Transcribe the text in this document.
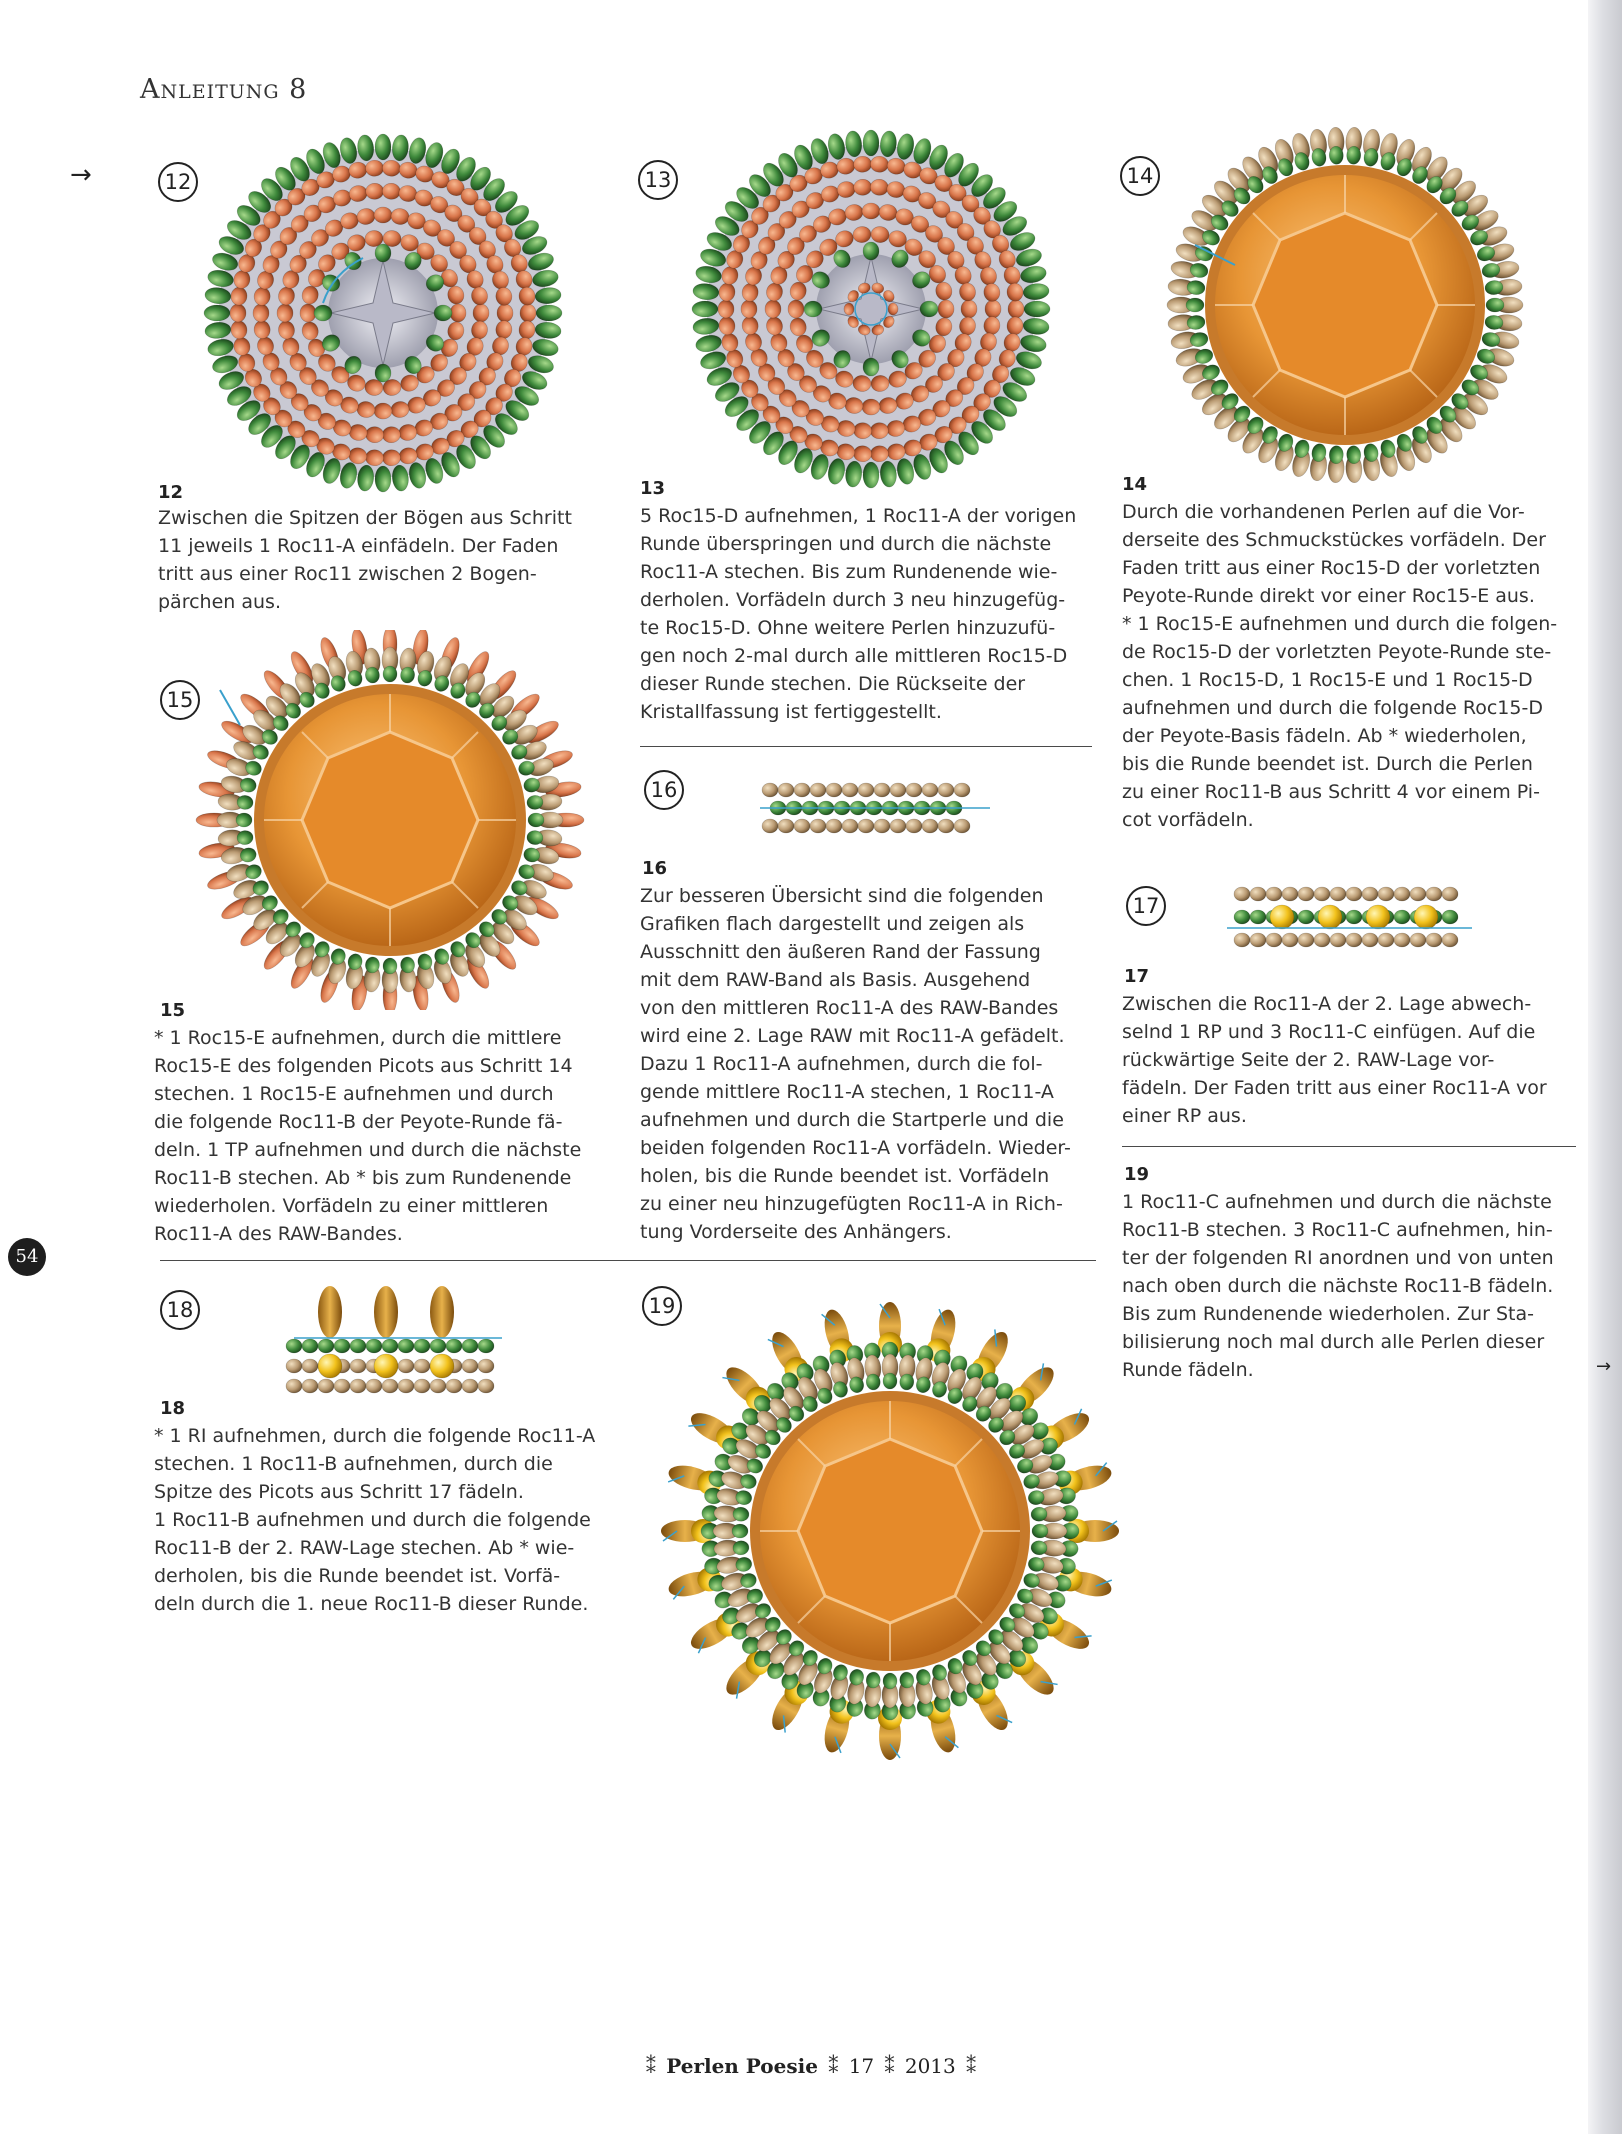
Anleitung 8
→
→
12
12

Zwischen die Spitzen der Bögen aus Schritt
11 jeweils 1 Roc11-A einfädeln. Der Faden
tritt aus einer Roc11 zwischen 2 Bogen-
pärchen aus.

13
13

5 Roc15-D aufnehmen, 1 Roc11-A der vorigen
Runde überspringen und durch die nächste
Roc11-A stechen. Bis zum Rundenende wie-
derholen. Vorfädeln durch 3 neu hinzugefüg-
te Roc15-D. Ohne weitere Perlen hinzuzufü-
gen noch 2-mal durch alle mittleren Roc15-D
dieser Runde stechen. Die Rückseite der
Kristallfassung ist fertiggestellt.

14
14

Durch die vorhandenen Perlen auf die Vor-
derseite des Schmuckstückes vorfädeln. Der
Faden tritt aus einer Roc15-D der vorletzten
Peyote-Runde direkt vor einer Roc15-E aus.
* 1 Roc15-E aufnehmen und durch die folgen-
de Roc15-D der vorletzten Peyote-Runde ste-
chen. 1 Roc15-D, 1 Roc15-E und 1 Roc15-D
aufnehmen und durch die folgende Roc15-D
der Peyote-Basis fädeln. Ab * wiederholen,
bis die Runde beendet ist. Durch die Perlen
zu einer Roc11-B aus Schritt 4 vor einem Pi-
cot vorfädeln.

15
15

* 1 Roc15-E aufnehmen, durch die mittlere
Roc15-E des folgenden Picots aus Schritt 14
stechen. 1 Roc15-E aufnehmen und durch
die folgende Roc11-B der Peyote-Runde fä-
deln. 1 TP aufnehmen und durch die nächste
Roc11-B stechen. Ab * bis zum Rundenende
wiederholen. Vorfädeln zu einer mittleren
Roc11-A des RAW-Bandes.

16
16

Zur besseren Übersicht sind die folgenden
Grafiken flach dargestellt und zeigen als
Ausschnitt den äußeren Rand der Fassung
mit dem RAW-Band als Basis. Ausgehend
von den mittleren Roc11-A des RAW-Bandes
wird eine 2. Lage RAW mit Roc11-A gefädelt.
Dazu 1 Roc11-A aufnehmen, durch die fol-
gende mittlere Roc11-A stechen, 1 Roc11-A
aufnehmen und durch die Startperle und die
beiden folgenden Roc11-A vorfädeln. Wieder-
holen, bis die Runde beendet ist. Vorfädeln
zu einer neu hinzugefügten Roc11-A in Rich-
tung Vorderseite des Anhängers.

17
17

Zwischen die Roc11-A der 2. Lage abwech-
selnd 1 RP und 3 Roc11-C einfügen. Auf die
rückwärtige Seite der 2. RAW-Lage vor-
fädeln. Der Faden tritt aus einer Roc11-A vor
einer RP aus.

19

1 Roc11-C aufnehmen und durch die nächste
Roc11-B stechen. 3 Roc11-C aufnehmen, hin-
ter der folgenden RI anordnen und von unten
nach oben durch die nächste Roc11-B fädeln.
Bis zum Rundenende wiederholen. Zur Sta-
bilisierung noch mal durch alle Perlen dieser
Runde fädeln.

18
18

* 1 RI aufnehmen, durch die folgende Roc11-A
stechen. 1 Roc11-B aufnehmen, durch die
Spitze des Picots aus Schritt 17 fädeln.
1 Roc11-B aufnehmen und durch die folgende
Roc11-B der 2. RAW-Lage stechen. Ab * wie-
derholen, bis die Runde beendet ist. Vorfä-
deln durch die 1. neue Roc11-B dieser Runde.

19
54
⁑ Perlen Poesie ⁑ 17 ⁑ 2013 ⁑
